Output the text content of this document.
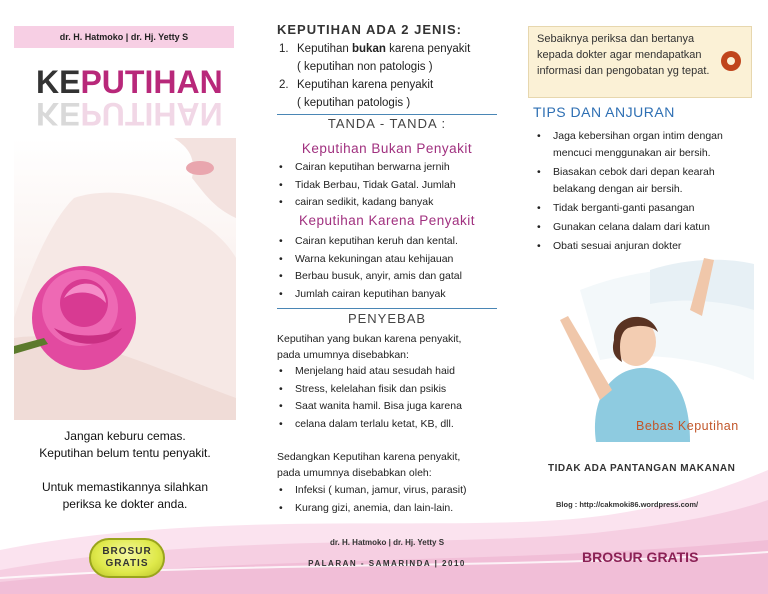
dr. H. Hatmoko | dr. Hj. Yetty S
KEPUTIHAN
KEPUTIHAN
Jangan keburu cemas.
Keputihan belum tentu penyakit.
Untuk memastikannya silahkan
periksa ke dokter anda.
BROSUR
GRATIS
KEPUTIHAN ADA 2 JENIS:
1. Keputihan bukan karena penyakit
( keputihan non patologis )
2. Keputihan karena penyakit
( keputihan patologis )
TANDA - TANDA :
Keputihan Bukan Penyakit
• Cairan keputihan berwarna jernih
• Tidak Berbau, Tidak Gatal. Jumlah
• cairan sedikit, kadang banyak
Keputihan Karena Penyakit
• Cairan keputihan keruh dan kental.
• Warna kekuningan atau kehijauan
• Berbau busuk, anyir, amis dan gatal
• Jumlah cairan keputihan banyak
PENYEBAB
Keputihan yang bukan karena penyakit,
pada umumnya disebabkan:
• Menjelang haid atau sesudah haid
• Stress, kelelahan fisik dan psikis
• Saat wanita hamil. Bisa juga karena
• celana dalam terlalu ketat, KB, dll.
Sedangkan Keputihan karena penyakit,
pada umumnya disebabkan oleh:
• Infeksi ( kuman, jamur, virus, parasit)
• Kurang gizi, anemia, dan lain-lain.
dr. H. Hatmoko | dr. Hj. Yetty S
PALARAN - SAMARINDA | 2010
Sebaiknya periksa dan bertanya kepada dokter agar mendapatkan informasi dan pengobatan yg tepat.
TIPS DAN ANJURAN
• Jaga kebersihan organ intim dengan mencuci menggunakan air bersih.
• Biasakan cebok dari depan kearah belakang dengan air bersih.
• Tidak berganti-ganti pasangan
• Gunakan celana dalam dari katun
• Obati sesuai anjuran dokter
Bebas Keputihan
TIDAK ADA PANTANGAN MAKANAN
Blog : http://cakmoki86.wordpress.com/
BROSUR GRATIS
